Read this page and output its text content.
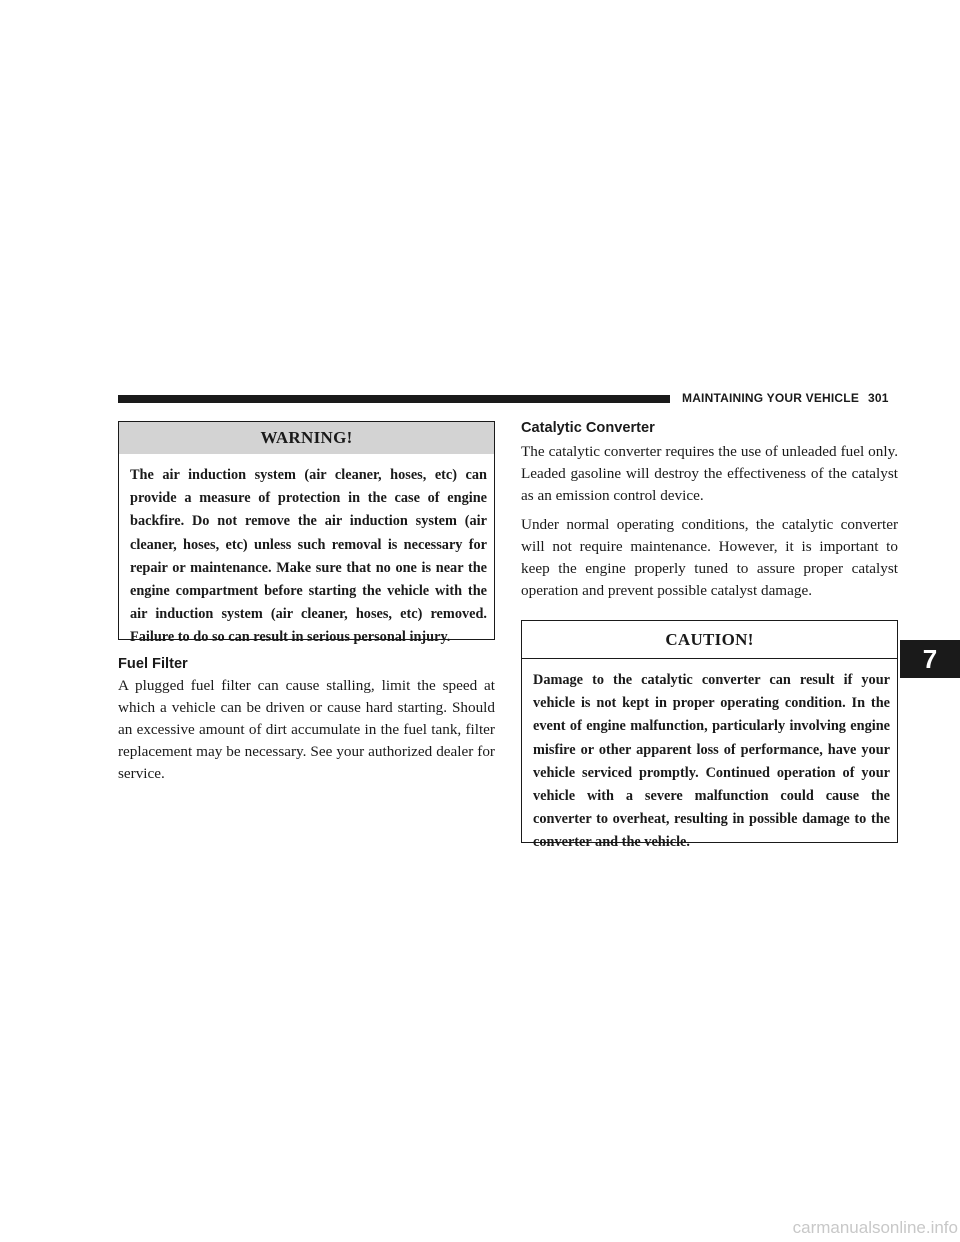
MAINTAINING YOUR VEHICLE 301
WARNING!
The air induction system (air cleaner, hoses, etc) can provide a measure of protection in the case of engine backfire. Do not remove the air induction system (air cleaner, hoses, etc) unless such removal is necessary for repair or maintenance. Make sure that no one is near the engine compartment before starting the vehicle with the air induction system (air cleaner, hoses, etc) removed. Failure to do so can result in serious personal injury.
Fuel Filter
A plugged fuel filter can cause stalling, limit the speed at which a vehicle can be driven or cause hard starting. Should an excessive amount of dirt accumulate in the fuel tank, filter replacement may be necessary. See your authorized dealer for service.
Catalytic Converter
The catalytic converter requires the use of unleaded fuel only. Leaded gasoline will destroy the effectiveness of the catalyst as an emission control device.
Under normal operating conditions, the catalytic converter will not require maintenance. However, it is important to keep the engine properly tuned to assure proper catalyst operation and prevent possible catalyst damage.
CAUTION!
Damage to the catalytic converter can result if your vehicle is not kept in proper operating condition. In the event of engine malfunction, particularly involving engine misfire or other apparent loss of performance, have your vehicle serviced promptly. Continued operation of your vehicle with a severe malfunction could cause the converter to overheat, resulting in possible damage to the converter and the vehicle.
7
carmanualsonline.info
